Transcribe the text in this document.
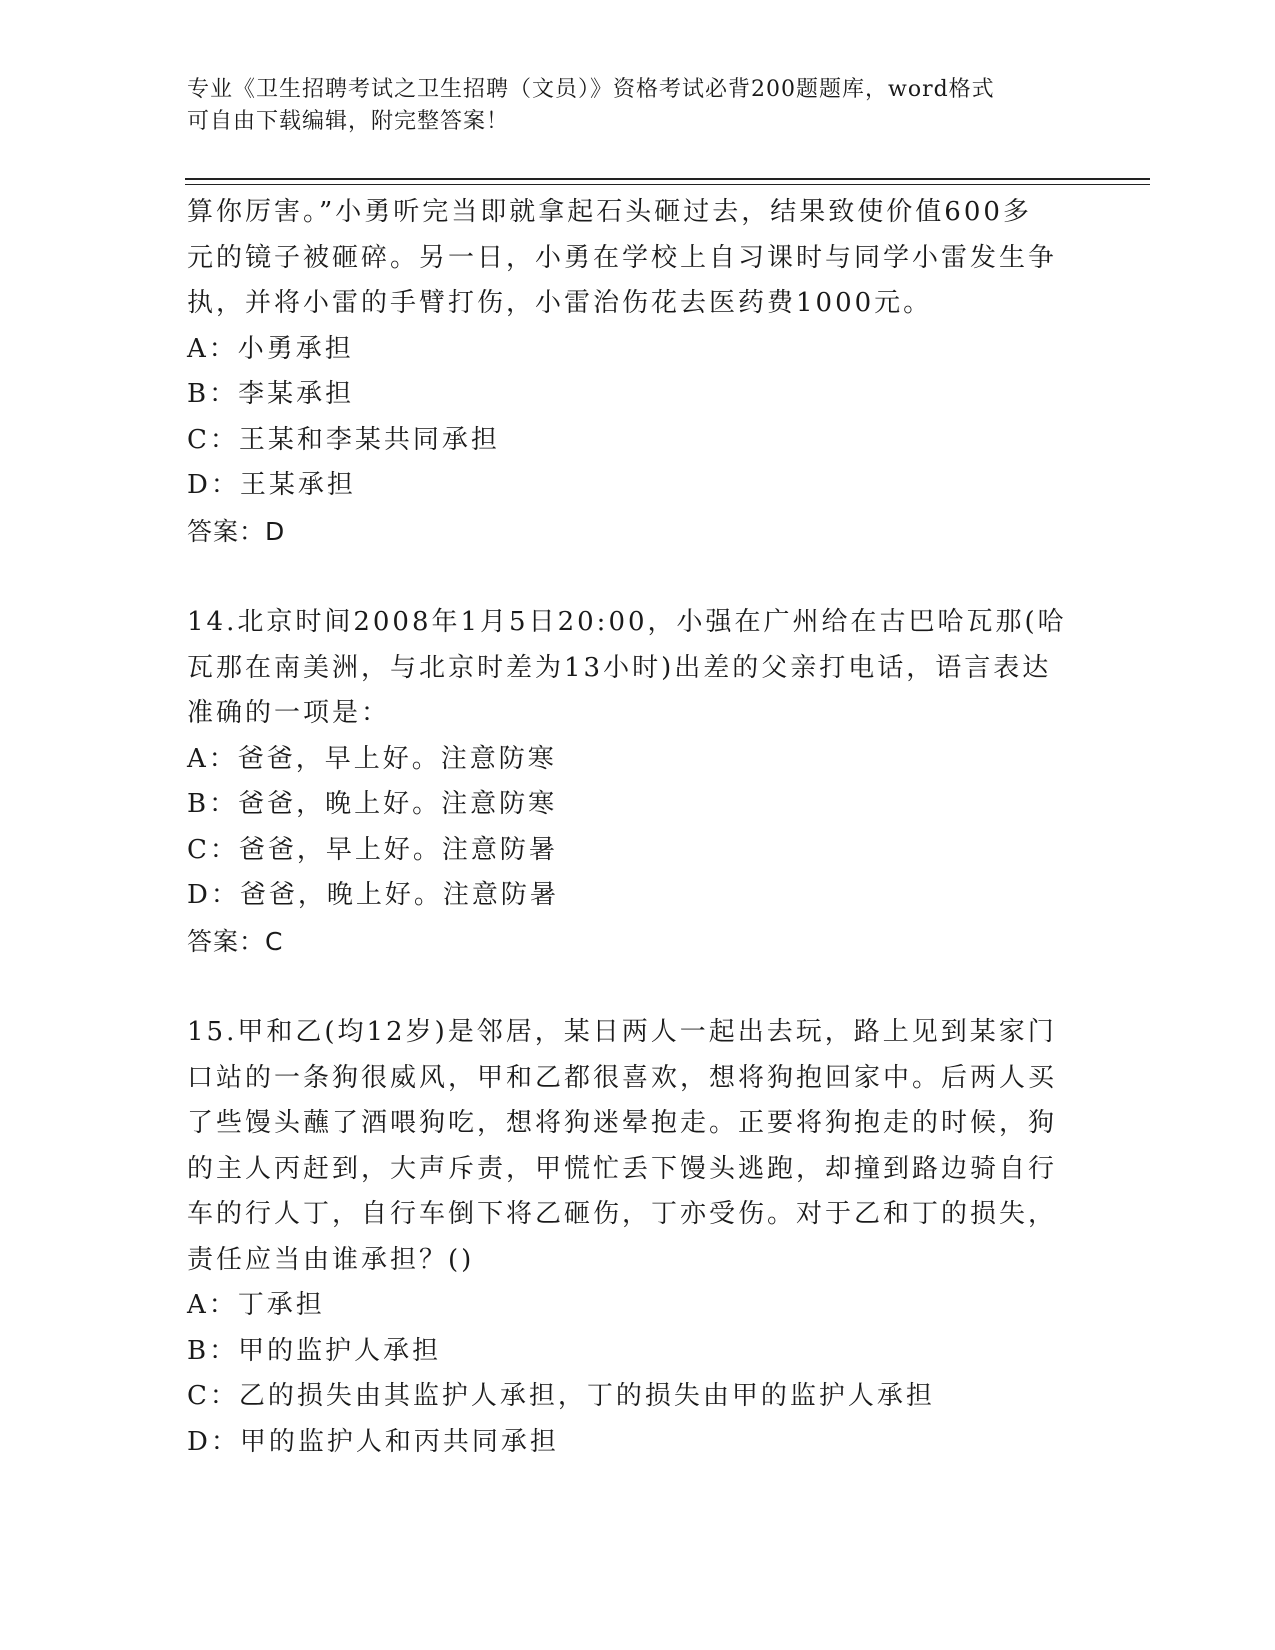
专业《卫生招聘考试之卫生招聘（文员）》资格考试必背200题题库，word格式
可自由下载编辑，附完整答案！
算你厉害。”小勇听完当即就拿起石头砸过去，结果致使价值600多
元的镜子被砸碎。另一日，小勇在学校上自习课时与同学小雷发生争
执，并将小雷的手臂打伤，小雷治伤花去医药费1000元。
A：小勇承担
B：李某承担
C：王某和李某共同承担
D：王某承担
答案：D
14.北京时间2008年1月5日20:00，小强在广州给在古巴哈瓦那(哈
瓦那在南美洲，与北京时差为13小时)出差的父亲打电话，语言表达
准确的一项是：
A：爸爸，早上好。注意防寒
B：爸爸，晚上好。注意防寒
C：爸爸，早上好。注意防暑
D：爸爸，晚上好。注意防暑
答案：C
15.甲和乙(均12岁)是邻居，某日两人一起出去玩，路上见到某家门
口站的一条狗很威风，甲和乙都很喜欢，想将狗抱回家中。后两人买
了些馒头蘸了酒喂狗吃，想将狗迷晕抱走。正要将狗抱走的时候，狗
的主人丙赶到，大声斥责，甲慌忙丢下馒头逃跑，却撞到路边骑自行
车的行人丁，自行车倒下将乙砸伤，丁亦受伤。对于乙和丁的损失，
责任应当由谁承担？()
A：丁承担
B：甲的监护人承担
C：乙的损失由其监护人承担，丁的损失由甲的监护人承担
D：甲的监护人和丙共同承担
